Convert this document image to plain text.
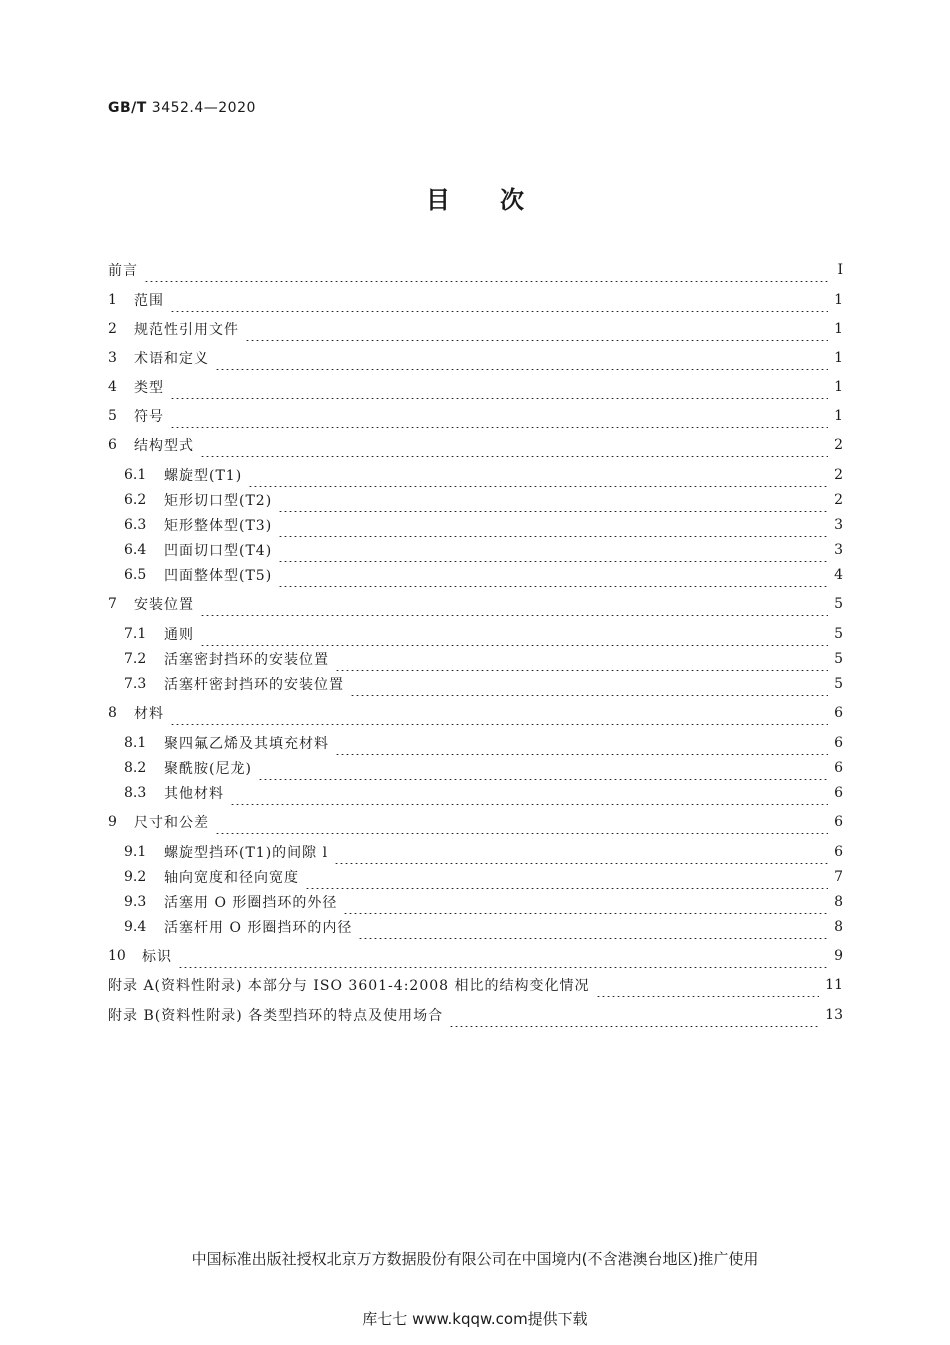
GB/T 3452.4—2020
目次
前言	Ⅰ
1	范围	1
2	规范性引用文件	1
3	术语和定义	1
4	类型	1
5	符号	1
6	结构型式	2
6.1	螺旋型(T1)	2
6.2	矩形切口型(T2)	2
6.3	矩形整体型(T3)	3
6.4	凹面切口型(T4)	3
6.5	凹面整体型(T5)	4
7	安装位置	5
7.1	通则	5
7.2	活塞密封挡环的安装位置	5
7.3	活塞杆密封挡环的安装位置	5
8	材料	6
8.1	聚四氟乙烯及其填充材料	6
8.2	聚酰胺(尼龙)	6
8.3	其他材料	6
9	尺寸和公差	6
9.1	螺旋型挡环(T1)的间隙 l	6
9.2	轴向宽度和径向宽度	7
9.3	活塞用 O 形圈挡环的外径	8
9.4	活塞杆用 O 形圈挡环的内径	8
10	标识	9
附录 A(资料性附录) 本部分与 ISO 3601-4:2008 相比的结构变化情况	11
附录 B(资料性附录) 各类型挡环的特点及使用场合	13
中国标准出版社授权北京万方数据股份有限公司在中国境内(不含港澳台地区)推广使用
库七七 www.kqqw.com提供下载
